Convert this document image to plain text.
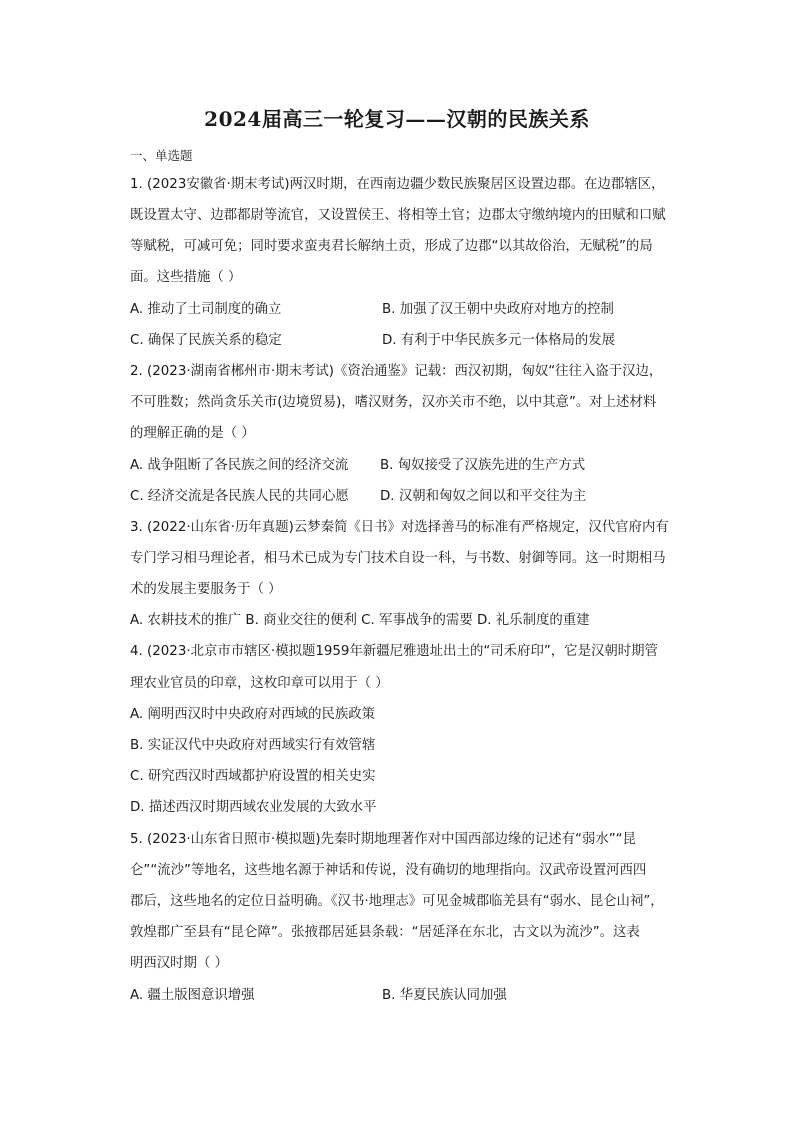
2024届高三一轮复习——汉朝的民族关系
一、单选题
1. (2023安徽省·期末考试)两汉时期，在西南边疆少数民族聚居区设置边郡。在边郡辖区，
既设置太守、边郡都尉等流官，又设置侯王、将相等土官；边郡太守缴纳境内的田赋和口赋
等赋税，可减可免；同时要求蛮夷君长解纳土贡，形成了边郡“以其故俗治，无赋税”的局
面。这些措施（ ）
A. 推动了土司制度的确立	B. 加强了汉王朝中央政府对地方的控制
C. 确保了民族关系的稳定	D. 有利于中华民族多元一体格局的发展
2. (2023·湖南省郴州市·期末考试)《资治通鉴》记载：西汉初期，匈奴“往往入盗于汉边，
不可胜数；然尚贪乐关市(边境贸易)，嗜汉财务，汉亦关市不绝，以中其意”。对上述材料
的理解正确的是（ ）
A. 战争阻断了各民族之间的经济交流 B. 匈奴接受了汉族先进的生产方式
C. 经济交流是各民族人民的共同心愿 D. 汉朝和匈奴之间以和平交往为主
3. (2022·山东省·历年真题)云梦秦简《日书》对选择善马的标准有严格规定，汉代官府内有
专门学习相马理论者，相马术已成为专门技术自设一科，与书数、射御等同。这一时期相马
术的发展主要服务于（ ）
A. 农耕技术的推广 B. 商业交往的便利 C. 军事战争的需要 D. 礼乐制度的重建
4. (2023·北京市市辖区·模拟题1959年新疆尼雅遗址出土的“司禾府印”，它是汉朝时期管
理农业官员的印章，这枚印章可以用于（ ）
A. 阐明西汉时中央政府对西域的民族政策
B. 实证汉代中央政府对西域实行有效管辖
C. 研究西汉时西域都护府设置的相关史实
D. 描述西汉时期西域农业发展的大致水平
5. (2023·山东省日照市·模拟题)先秦时期地理著作对中国西部边缘的记述有“弱水”“昆
仑”“流沙”等地名，这些地名源于神话和传说，没有确切的地理指向。汉武帝设置河西四
郡后，这些地名的定位日益明确。《汉书·地理志》可见金城郡临羌县有“弱水、昆仑山祠”，
敦煌郡广至县有“昆仑障”。张掖郡居延县条载：“居延泽在东北，古文以为流沙”。这表
明西汉时期（ ）
A. 疆土版图意识增强	B. 华夏民族认同加强
